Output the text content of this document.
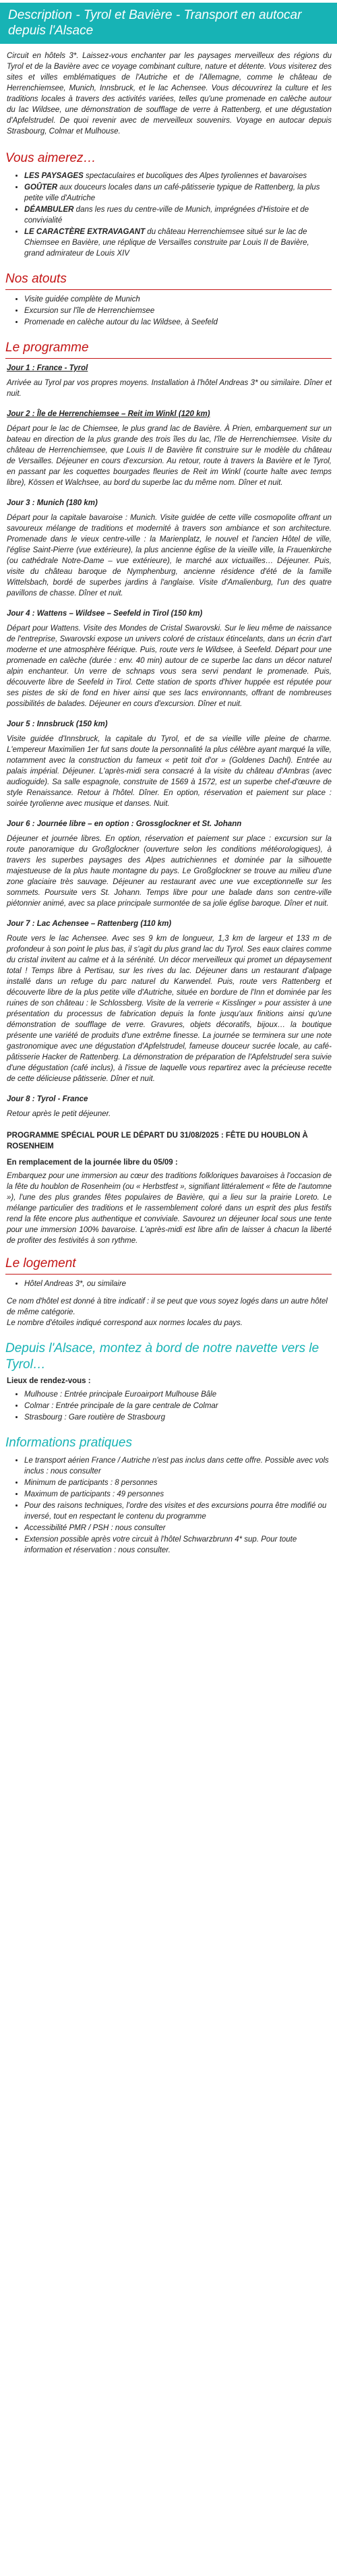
Description - Tyrol et Bavière - Transport en autocar depuis l'Alsace
Circuit en hôtels 3*. Laissez-vous enchanter par les paysages merveilleux des régions du Tyrol et de la Bavière avec ce voyage combinant culture, nature et détente. Vous visiterez des sites et villes emblématiques de l'Autriche et de l'Allemagne, comme le château de Herrenchiemsee, Munich, Innsbruck, et le lac Achensee. Vous découvrirez la culture et les traditions locales à travers des activités variées, telles qu'une promenade en calèche autour du lac Wildsee, une démonstration de soufflage de verre à Rattenberg, et une dégustation d'Apfelstrudel. De quoi revenir avec de merveilleux souvenirs. Voyage en autocar depuis Strasbourg, Colmar et Mulhouse.
Vous aimerez…
• LES PAYSAGES spectaculaires et bucoliques des Alpes tyroliennes et bavaroises
• GOÛTER aux douceurs locales dans un café-pâtisserie typique de Rattenberg, la plus petite ville d'Autriche
• DÉAMBULER dans les rues du centre-ville de Munich, imprégnées d'Histoire et de convivialité
• LE CARACTÈRE EXTRAVAGANT du château Herrenchiemsee situé sur le lac de Chiemsee en Bavière, une réplique de Versailles construite par Louis II de Bavière, grand admirateur de Louis XIV
Nos atouts
• Visite guidée complète de Munich
• Excursion sur l'île de Herrenchiemsee
• Promenade en calèche autour du lac Wildsee, à Seefeld
Le programme
Jour 1 : France - Tyrol
Arrivée au Tyrol par vos propres moyens. Installation à l'hôtel Andreas 3* ou similaire. Dîner et nuit.
Jour 2 : Île de Herrenchiemsee – Reit im Winkl (120 km)
Départ pour le lac de Chiemsee, le plus grand lac de Bavière. À Prien, embarquement sur un bateau en direction de la plus grande des trois îles du lac, l'île de Herrenchiemsee. Visite du château de Herrenchiemsee, que Louis II de Bavière fit construire sur le modèle du château de Versailles. Déjeuner en cours d'excursion. Au retour, route à travers la Bavière et le Tyrol, en passant par les coquettes bourgades fleuries de Reit im Winkl (courte halte avec temps libre), Kössen et Walchsee, au bord du superbe lac du même nom. Dîner et nuit.
Jour 3 : Munich (180 km)
Départ pour la capitale bavaroise : Munich. Visite guidée de cette ville cosmopolite offrant un savoureux mélange de traditions et modernité à travers son ambiance et son architecture. Promenade dans le vieux centre-ville : la Marienplatz, le nouvel et l'ancien Hôtel de ville, l'église Saint-Pierre (vue extérieure), la plus ancienne église de la vieille ville, la Frauenkirche (ou cathédrale Notre-Dame – vue extérieure), le marché aux victuailles… Déjeuner. Puis, visite du château baroque de Nymphenburg, ancienne résidence d'été de la famille Wittelsbach, bordé de superbes jardins à l'anglaise. Visite d'Amalienburg, l'un des quatre pavillons de chasse. Dîner et nuit.
Jour 4 : Wattens – Wildsee – Seefeld in Tirol (150 km)
Départ pour Wattens. Visite des Mondes de Cristal Swarovski. Sur le lieu même de naissance de l'entreprise, Swarovski expose un univers coloré de cristaux étincelants, dans un écrin d'art moderne et une atmosphère féérique. Puis, route vers le Wildsee, à Seefeld. Départ pour une promenade en calèche (durée : env. 40 min) autour de ce superbe lac dans un décor naturel alpin enchanteur. Un verre de schnaps vous sera servi pendant le promenade. Puis, découverte libre de Seefeld in Tirol. Cette station de sports d'hiver huppée est réputée pour ses pistes de ski de fond en hiver ainsi que ses lacs environnants, offrant de nombreuses possibilités de balades. Déjeuner en cours d'excursion. Dîner et nuit.
Jour 5 : Innsbruck (150 km)
Visite guidée d'Innsbruck, la capitale du Tyrol, et de sa vieille ville pleine de charme. L'empereur Maximilien 1er fut sans doute la personnalité la plus célèbre ayant marqué la ville, notamment avec la construction du fameux « petit toit d'or » (Goldenes Dachl). Entrée au palais impérial. Déjeuner. L'après-midi sera consacré à la visite du château d'Ambras (avec audioguide). Sa salle espagnole, construite de 1569 à 1572, est un superbe chef-d'œuvre de style Renaissance. Retour à l'hôtel. Dîner. En option, réservation et paiement sur place : soirée tyrolienne avec musique et danses. Nuit.
Jour 6 : Journée libre – en option : Grossglockner et St. Johann
Déjeuner et journée libres. En option, réservation et paiement sur place : excursion sur la route panoramique du Großglockner (ouverture selon les conditions météorologiques), à travers les superbes paysages des Alpes autrichiennes et dominée par la silhouette majestueuse de la plus haute montagne du pays. Le Großglockner se trouve au milieu d'une zone glaciaire très sauvage. Déjeuner au restaurant avec une vue exceptionnelle sur les sommets. Poursuite vers St. Johann. Temps libre pour une balade dans son centre-ville piétonnier animé, avec sa place principale surmontée de sa jolie église baroque. Dîner et nuit.
Jour 7 : Lac Achensee – Rattenberg (110 km)
Route vers le lac Achensee. Avec ses 9 km de longueur, 1,3 km de largeur et 133 m de profondeur à son point le plus bas, il s'agit du plus grand lac du Tyrol. Ses eaux claires comme du cristal invitent au calme et à la sérénité. Un décor merveilleux qui promet un dépaysement total ! Temps libre à Pertisau, sur les rives du lac. Déjeuner dans un restaurant d'alpage installé dans un refuge du parc naturel du Karwendel. Puis, route vers Rattenberg et découverte libre de la plus petite ville d'Autriche, située en bordure de l'Inn et dominée par les ruines de son château : le Schlossberg. Visite de la verrerie « Kisslinger » pour assister à une présentation du processus de fabrication depuis la fonte jusqu'aux finitions ainsi qu'une démonstration de soufflage de verre. Gravures, objets décoratifs, bijoux… la boutique présente une variété de produits d'une extrême finesse. La journée se terminera sur une note gastronomique avec une dégustation d'Apfelstrudel, fameuse douceur sucrée locale, au café-pâtisserie Hacker de Rattenberg. La démonstration de préparation de l'Apfelstrudel sera suivie d'une dégustation (café inclus), à l'issue de laquelle vous repartirez avec la précieuse recette de cette délicieuse pâtisserie. Dîner et nuit.
Jour 8 : Tyrol - France
Retour après le petit déjeuner.
PROGRAMME SPÉCIAL POUR LE DÉPART DU 31/08/2025 : FÊTE DU HOUBLON À ROSENHEIM
En remplacement de la journée libre du 05/09 :
Embarquez pour une immersion au cœur des traditions folkloriques bavaroises à l'occasion de la fête du houblon de Rosenheim (ou « Herbstfest », signifiant littéralement « fête de l'automne »), l'une des plus grandes fêtes populaires de Bavière, qui a lieu sur la prairie Loreto. Le mélange particulier des traditions et le rassemblement coloré dans un esprit des plus festifs rend la fête encore plus authentique et conviviale. Savourez un déjeuner local sous une tente pour une immersion 100% bavaroise. L'après-midi est libre afin de laisser à chacun la liberté de profiter des festivités à son rythme.
Le logement
• Hôtel Andreas 3*, ou similaire
Ce nom d'hôtel est donné à titre indicatif : il se peut que vous soyez logés dans un autre hôtel de même catégorie.
Le nombre d'étoiles indiqué correspond aux normes locales du pays.
Depuis l'Alsace, montez à bord de notre navette vers le Tyrol…
Lieux de rendez-vous :
• Mulhouse : Entrée principale Euroairport Mulhouse Bâle
• Colmar : Entrée principale de la gare centrale de Colmar
• Strasbourg : Gare routière de Strasbourg
Informations pratiques
• Le transport aérien France / Autriche n'est pas inclus dans cette offre. Possible avec vols inclus : nous consulter
• Minimum de participants : 8 personnes
• Maximum de participants : 49 personnes
• Pour des raisons techniques, l'ordre des visites et des excursions pourra être modifié ou inversé, tout en respectant le contenu du programme
• Accessibilité PMR / PSH : nous consulter
• Extension possible après votre circuit à l'hôtel Schwarzbrunn 4* sup. Pour toute information et réservation : nous consulter.
